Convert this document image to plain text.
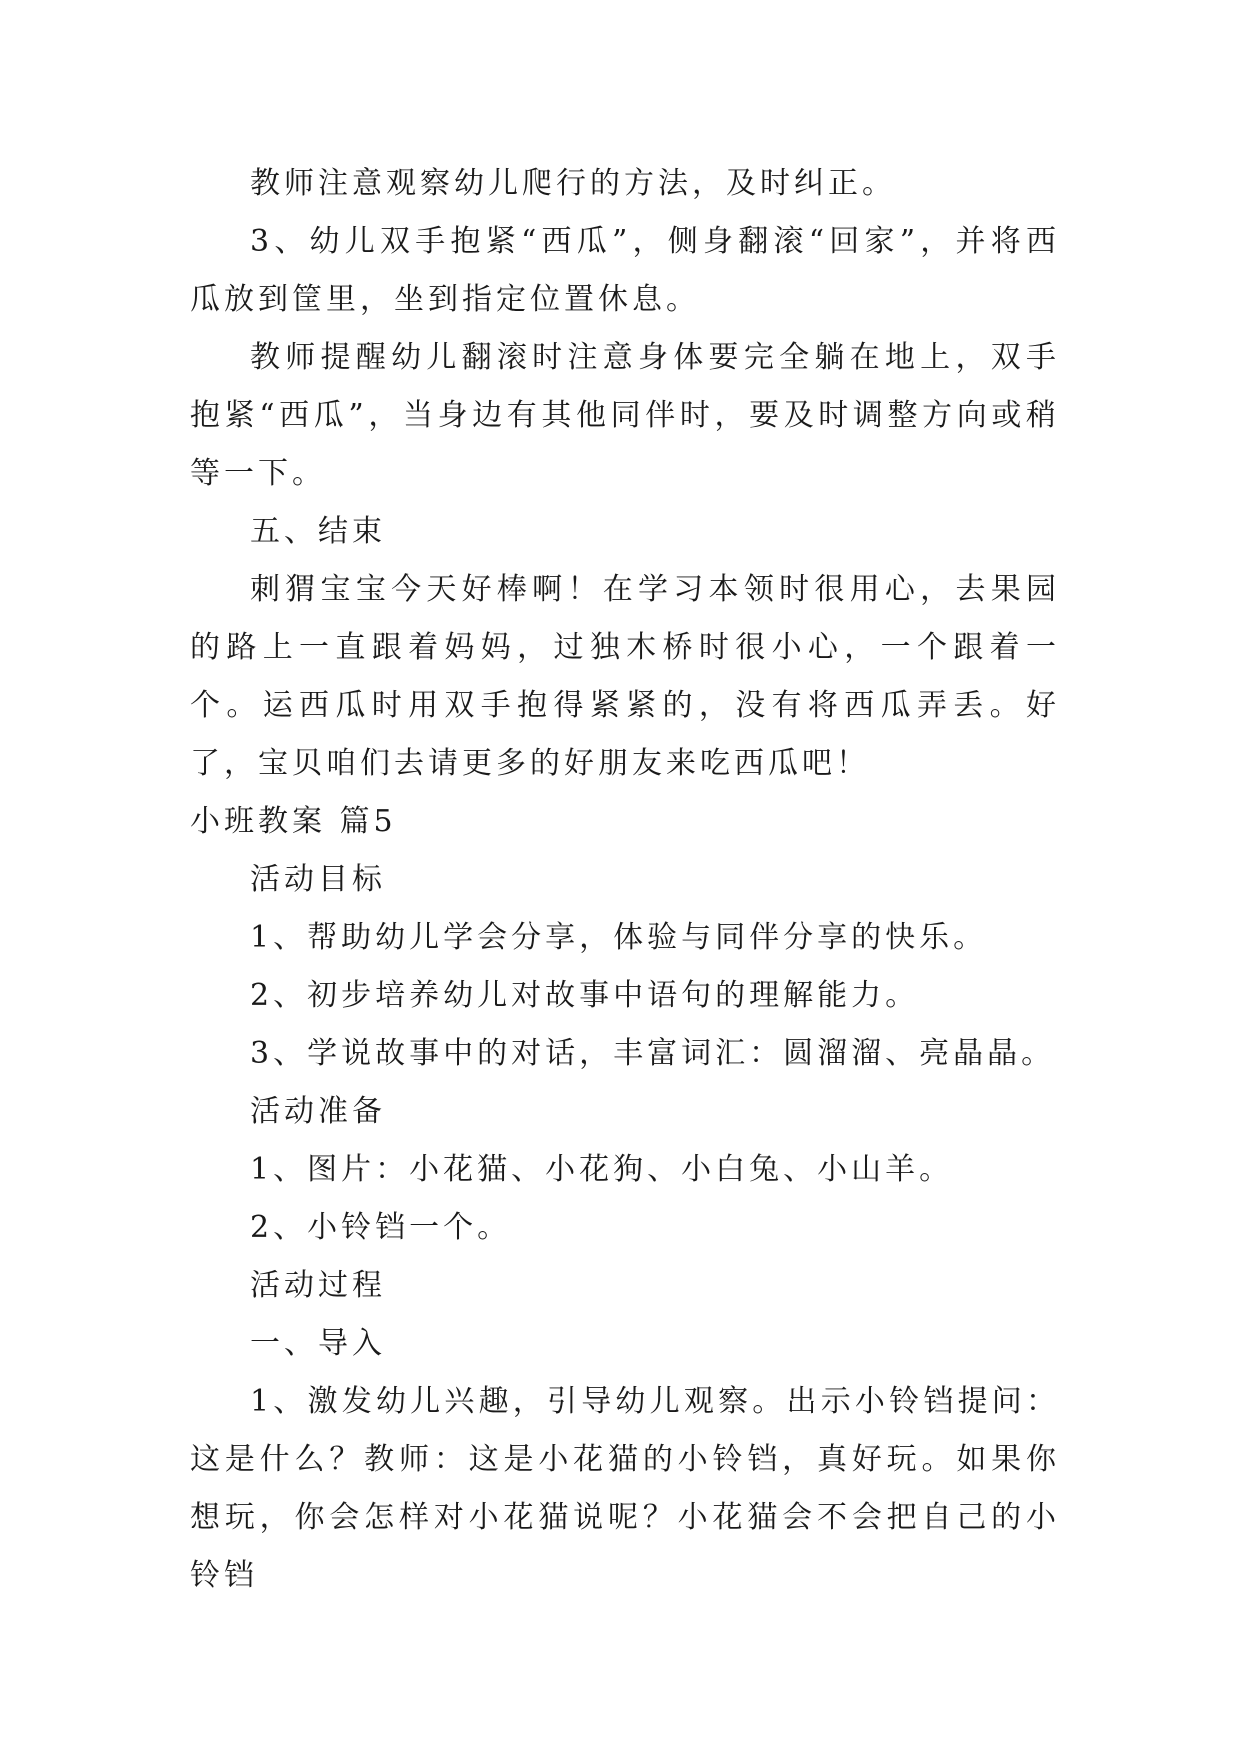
教师注意观察幼儿爬行的方法，及时纠正。

3、幼儿双手抱紧“西瓜”，侧身翻滚“回家”，并将西瓜放到筐里，坐到指定位置休息。

教师提醒幼儿翻滚时注意身体要完全躺在地上，双手抱紧“西瓜”，当身边有其他同伴时，要及时调整方向或稍等一下。

五、结束

刺猬宝宝今天好棒啊！在学习本领时很用心，去果园的路上一直跟着妈妈，过独木桥时很小心，一个跟着一个。运西瓜时用双手抱得紧紧的，没有将西瓜弄丢。好了，宝贝咱们去请更多的好朋友来吃西瓜吧！

小班教案 篇5

活动目标

1、帮助幼儿学会分享，体验与同伴分享的快乐。

2、初步培养幼儿对故事中语句的理解能力。

3、学说故事中的对话，丰富词汇：圆溜溜、亮晶晶。

活动准备

1、图片：小花猫、小花狗、小白兔、小山羊。

2、小铃铛一个。

活动过程

一、导入

1、激发幼儿兴趣，引导幼儿观察。出示小铃铛提问：这是什么？教师：这是小花猫的小铃铛，真好玩。如果你想玩，你会怎样对小花猫说呢？小花猫会不会把自己的小铃铛
